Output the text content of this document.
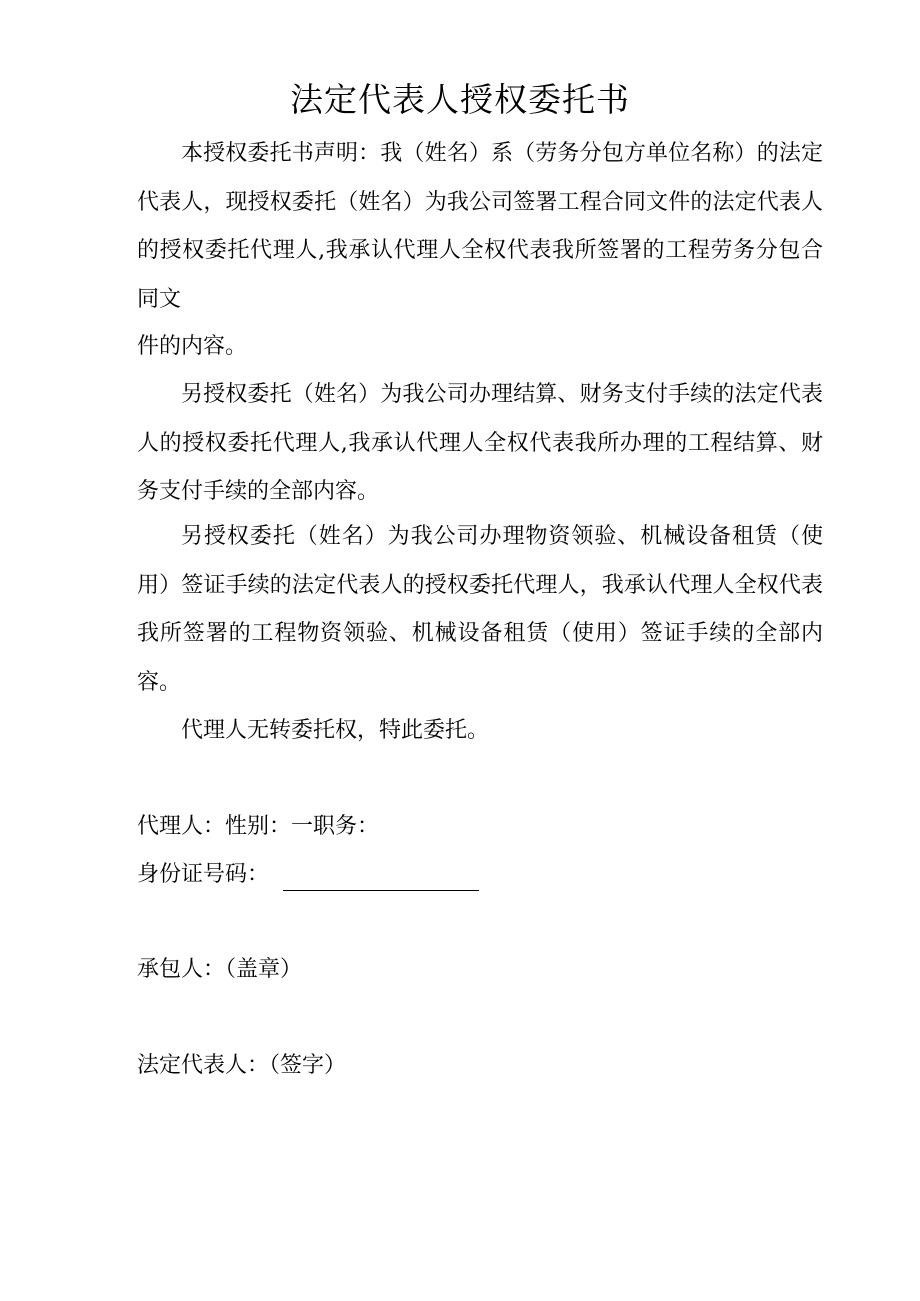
法定代表人授权委托书

本授权委托书声明：我（姓名）系（劳务分包方单位名称）的法定代表人，现授权委托（姓名）为我公司签署工程合同文件的法定代表人的授权委托代理人,我承认代理人全权代表我所签署的工程劳务分包合同文

件的内容。

另授权委托（姓名）为我公司办理结算、财务支付手续的法定代表人的授权委托代理人,我承认代理人全权代表我所办理的工程结算、财务支付手续的全部内容。

另授权委托（姓名）为我公司办理物资领验、机械设备租赁（使用）签证手续的法定代表人的授权委托代理人，我承认代理人全权代表我所签署的工程物资领验、机械设备租赁（使用）签证手续的全部内容。

代理人无转委托权，特此委托。

代理人：性别：一职务：
身份证号码：
承包人：（盖章）
法定代表人：（签字）
